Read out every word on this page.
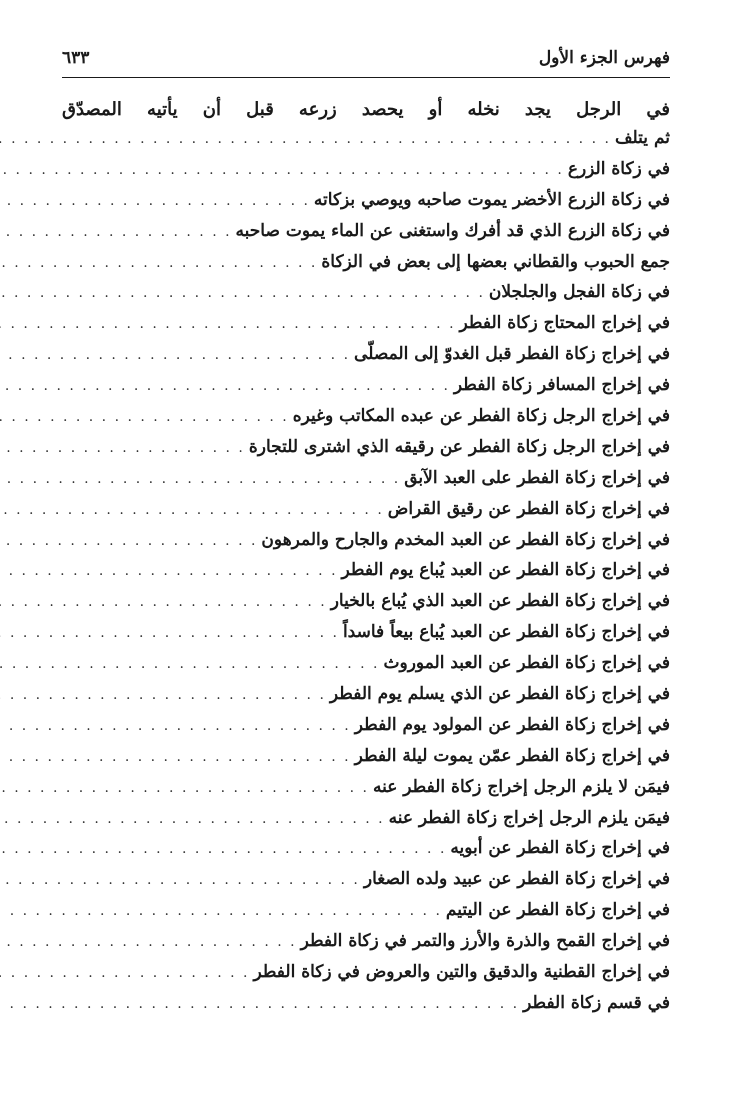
فهرس الجزء الأول
٦٣٣
في الرجل يجد نخله أو يحصد زرعه قبل أن يأتيه المصدّق
ثم يتلف
. . .
في زكاة الزرع
. . .
في زكاة الزرع الأخضر يموت صاحبه ويوصي بزكاته
. . .
في زكاة الزرع الذي قد أفرك واستغنى عن الماء يموت صاحبه
. . .
جمع الحبوب والقطاني بعضها إلى بعض في الزكاة
. . .
في زكاة الفجل والجلجلان
. . .
في إخراج المحتاج زكاة الفطر
. . .
في إخراج زكاة الفطر قبل الغدوّ إلى المصلّى
. . .
في إخراج المسافر زكاة الفطر
. . .
في إخراج الرجل زكاة الفطر عن عبده المكاتب وغيره
. . .
في إخراج الرجل زكاة الفطر عن رقيقه الذي اشترى للتجارة
. . .
في إخراج زكاة الفطر على العبد الآبق
. . .
في إخراج زكاة الفطر عن رقيق القراض
. . .
في إخراج زكاة الفطر عن العبد المخدم والجارح والمرهون
. . .
في إخراج زكاة الفطر عن العبد يُباع يوم الفطر
. . .
في إخراج زكاة الفطر عن العبد الذي يُباع بالخيار
. . .
في إخراج زكاة الفطر عن العبد يُباع بيعاً فاسداً
. . .
في إخراج زكاة الفطر عن العبد الموروث
. . .
في إخراج زكاة الفطر عن الذي يسلم يوم الفطر
. . .
في إخراج زكاة الفطر عن المولود يوم الفطر
. . .
في إخراج زكاة الفطر عمّن يموت ليلة الفطر
. . .
فيمَن لا يلزم الرجل إخراج زكاة الفطر عنه
. . .
فيمَن يلزم الرجل إخراج زكاة الفطر عنه
. . .
في إخراج زكاة الفطر عن أبويه
. . .
في إخراج زكاة الفطر عن عبيد ولده الصغار
. . .
في إخراج زكاة الفطر عن اليتيم
. . .
في إخراج القمح والذرة والأرز والتمر في زكاة الفطر
. . .
في إخراج القطنية والدقيق والتين والعروض في زكاة الفطر
. . .
في قسم زكاة الفطر
. . .
